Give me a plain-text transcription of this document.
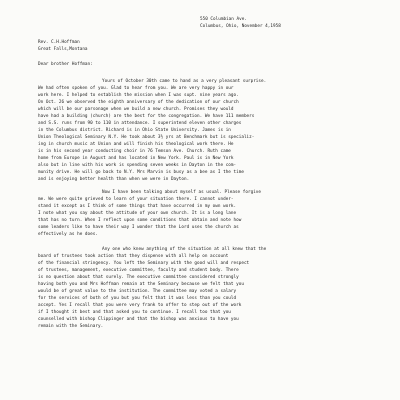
550 Columbian Ave.
Columbus, Ohio, November 4,1958
Rev. C.H.Hoffman
Great Falls,Montana
Dear brother Hoffman:
Yours of October 30th came to hand as a very pleasant surprise.
We had often spoken of you. Glad to hear from you. We are very happy in our
work here. I helped to establish the mission when I was supt. nine years ago.
On Oct. 26 we observed the eighth anniversary of the dedication of our church
which will be our parsonage when we build a new church. Promises they would
have had a building (church) are the best for the congregation. We have 111 members
and S.S. runs from 90 to 110 in attendance. I superintend eleven other charges
in the Columbus district. Richard is in Ohio State University. James is in
Union Theological Seminary N.Y. He took about 3½ yrs at Benchmark but is specializ-
ing in church music at Union and will finish his theological work there. He
is in his second year conducting choir in 76 Temson Ave. Church. Ruth came
home from Europe in August and has located in New York. Paul is in New York
also but in line with his work is spending seven weeks in Dayton in the com-
munity drive. He will go back to N.Y. Mrs Marvin is busy as a bee as I the time
and is enjoying better health than when we were in Dayton.
Now I have been talking about myself as usual. Please forgive
me. We were quite grieved to learn of your situation there. I cannot under-
stand it except as I think of some things that have occurred in my own work.
I note what you say about the attitude of your own church. It is a long lane
that has no turn. When I reflect upon some conditions that obtain and note how
some leaders like to have their way I wonder that the Lord uses the church as
effectively as he does.
Any one who knew anything of the situation at all knew that the
board of trustees took action that they dispense with all help on account
of the financial stringency. You left the Seminary with the good will and respect
of trustees, management, executive committee, faculty and student body. There
is no question about that surely. The executive committee considered strongly
having both you and Mrs Hoffman remain at the Seminary because we felt that you
would be of great value to the institution. The committee may voted a salary
for the services of both of you but you felt that it was less than you could
accept. Yes I recall that you were very frank to offer to step out of the work
if I thought it best and that asked you to continue. I recall too that you
counselled with bishop Clippinger and that the bishop was anxious to have you
remain with the Seminary.
